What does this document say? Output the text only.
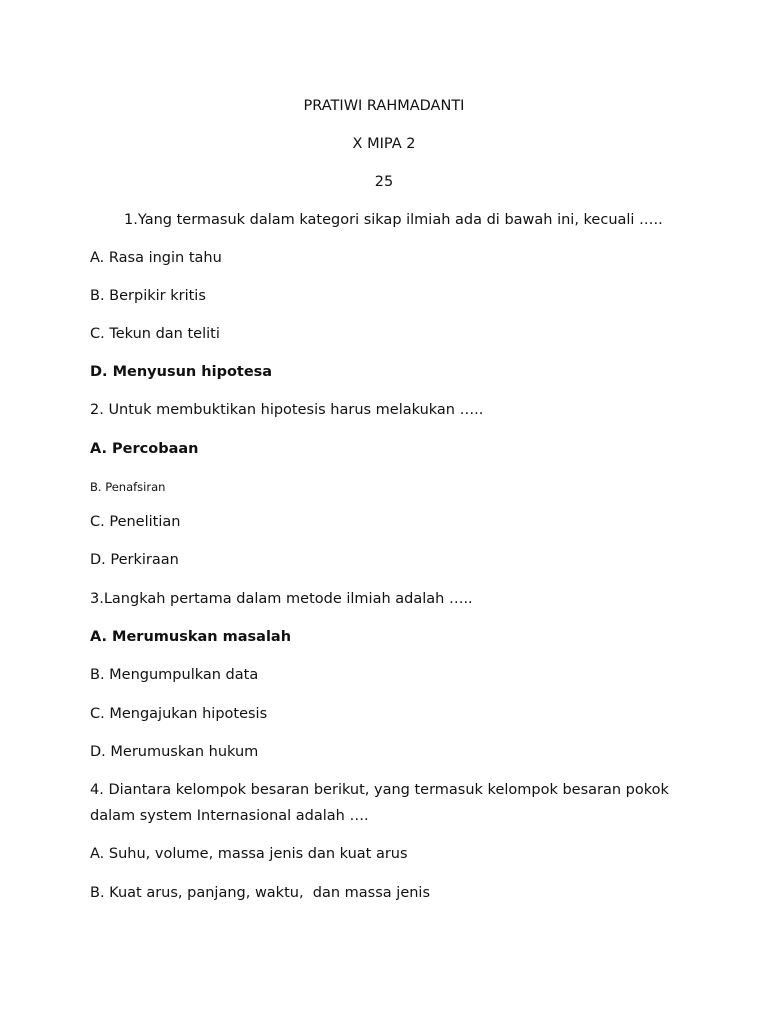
PRATIWI RAHMADANTI
X MIPA 2
25
1.Yang termasuk dalam kategori sikap ilmiah ada di bawah ini, kecuali …..
A. Rasa ingin tahu
B. Berpikir kritis
C. Tekun dan teliti
D. Menyusun hipotesa
2. Untuk membuktikan hipotesis harus melakukan …..
A. Percobaan
B. Penafsiran
C. Penelitian
D. Perkiraan
3.Langkah pertama dalam metode ilmiah adalah …..
A. Merumuskan masalah
B. Mengumpulkan data
C. Mengajukan hipotesis
D. Merumuskan hukum
4. Diantara kelompok besaran berikut, yang termasuk kelompok besaran pokok dalam system Internasional adalah ….
A. Suhu, volume, massa jenis dan kuat arus
B. Kuat arus, panjang, waktu,  dan massa jenis
